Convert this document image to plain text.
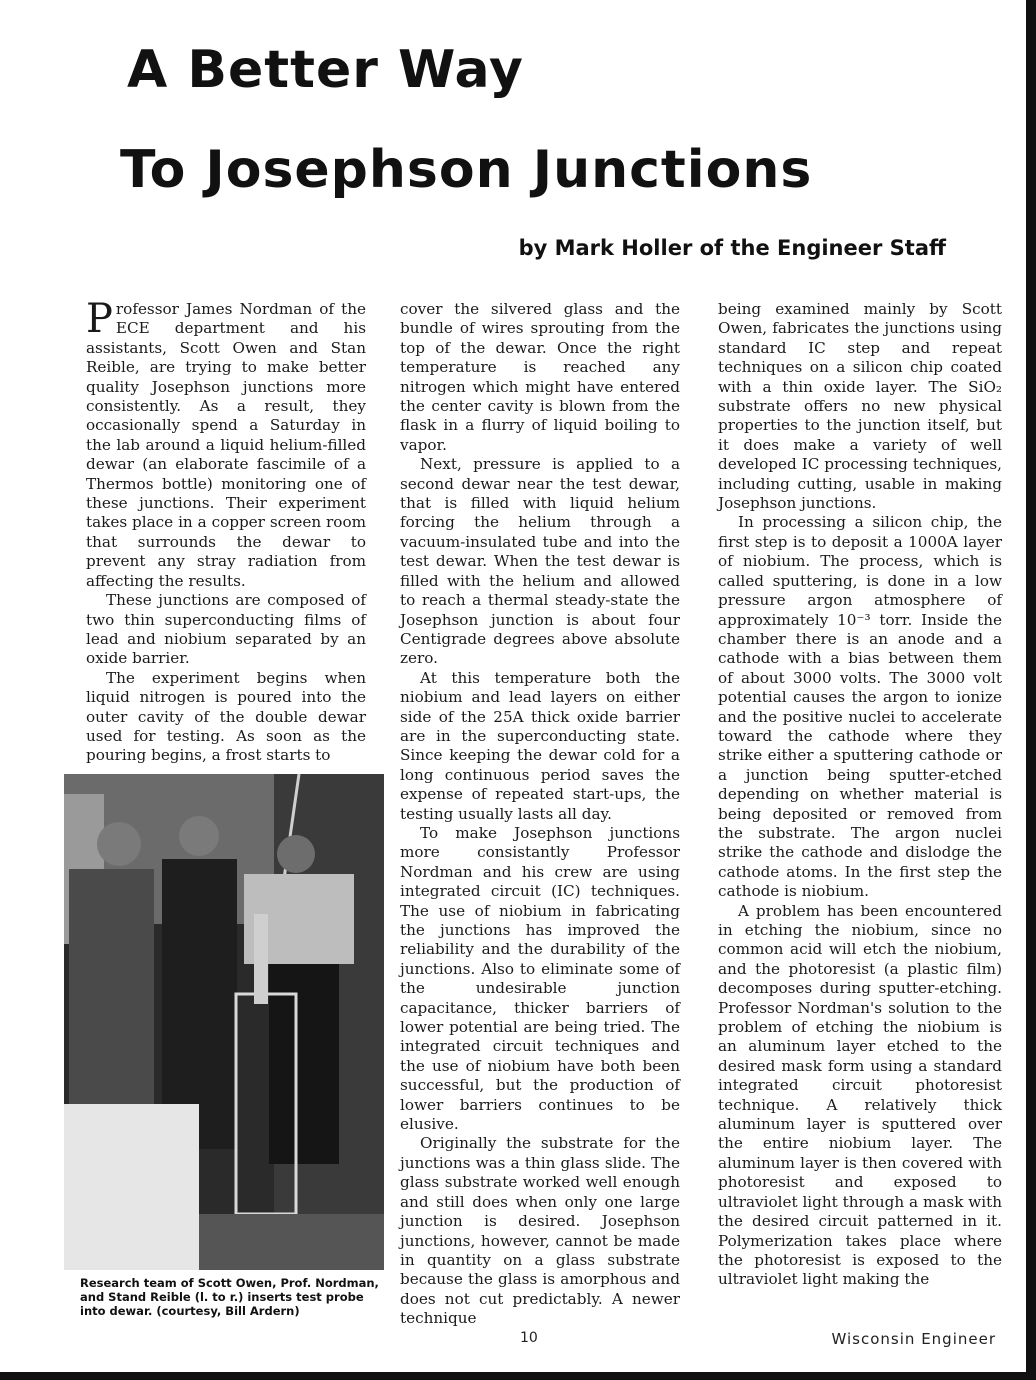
A Better Way
To Josephson Junctions
by Mark Holler of the Engineer Staff

Professor James Nordman of the ECE department and his assistants, Scott Owen and Stan Reible, are trying to make better quality Josephson junctions more consistently. As a result, they occasionally spend a Saturday in the lab around a liquid helium-filled dewar (an elaborate fascimile of a Thermos bottle) monitoring one of these junctions. Their experiment takes place in a copper screen room that surrounds the dewar to prevent any stray radiation from affecting the results.

These junctions are composed of two thin superconducting films of lead and niobium separated by an oxide barrier.

The experiment begins when liquid nitrogen is poured into the outer cavity of the double dewar used for testing. As soon as the pouring begins, a frost starts to

Research team of Scott Owen, Prof. Nordman, and Stand Reible (l. to r.) inserts test probe into dewar. (courtesy, Bill Ardern)

cover the silvered glass and the bundle of wires sprouting from the top of the dewar. Once the right temperature is reached any nitrogen which might have entered the center cavity is blown from the flask in a flurry of liquid boiling to vapor.

Next, pressure is applied to a second dewar near the test dewar, that is filled with liquid helium forcing the helium through a vacuum-insulated tube and into the test dewar. When the test dewar is filled with the helium and allowed to reach a thermal steady-state the Josephson junction is about four Centigrade degrees above absolute zero.

At this temperature both the niobium and lead layers on either side of the 25A thick oxide barrier are in the superconducting state. Since keeping the dewar cold for a long continuous period saves the expense of repeated start-ups, the testing usually lasts all day.

To make Josephson junctions more consistantly Professor Nordman and his crew are using integrated circuit (IC) techniques. The use of niobium in fabricating the junctions has improved the reliability and the durability of the junctions. Also to eliminate some of the undesirable junction capacitance, thicker barriers of lower potential are being tried. The integrated circuit techniques and the use of niobium have both been successful, but the production of lower barriers continues to be elusive.

Originally the substrate for the junctions was a thin glass slide. The glass substrate worked well enough and still does when only one large junction is desired. Josephson junctions, however, cannot be made in quantity on a glass substrate because the glass is amorphous and does not cut predictably. A newer technique

being examined mainly by Scott Owen, fabricates the junctions using standard IC step and repeat techniques on a silicon chip coated with a thin oxide layer. The SiO₂ substrate offers no new physical properties to the junction itself, but it does make a variety of well developed IC processing techniques, including cutting, usable in making Josephson junctions.

In processing a silicon chip, the first step is to deposit a 1000A layer of niobium. The process, which is called sputtering, is done in a low pressure argon atmosphere of approximately 10⁻³ torr. Inside the chamber there is an anode and a cathode with a bias between them of about 3000 volts. The 3000 volt potential causes the argon to ionize and the positive nuclei to accelerate toward the cathode where they strike either a sputtering cathode or a junction being sputter-etched depending on whether material is being deposited or removed from the substrate. The argon nuclei strike the cathode and dislodge the cathode atoms. In the first step the cathode is niobium.

A problem has been encountered in etching the niobium, since no common acid will etch the niobium, and the photoresist (a plastic film) decomposes during sputter-etching. Professor Nordman's solution to the problem of etching the niobium is an aluminum layer etched to the desired mask form using a standard integrated circuit photoresist technique. A relatively thick aluminum layer is sputtered over the entire niobium layer. The aluminum layer is then covered with photoresist and exposed to ultraviolet light through a mask with the desired circuit patterned in it. Polymerization takes place where the photoresist is exposed to the ultraviolet light making the

10	Wisconsin Engineer
